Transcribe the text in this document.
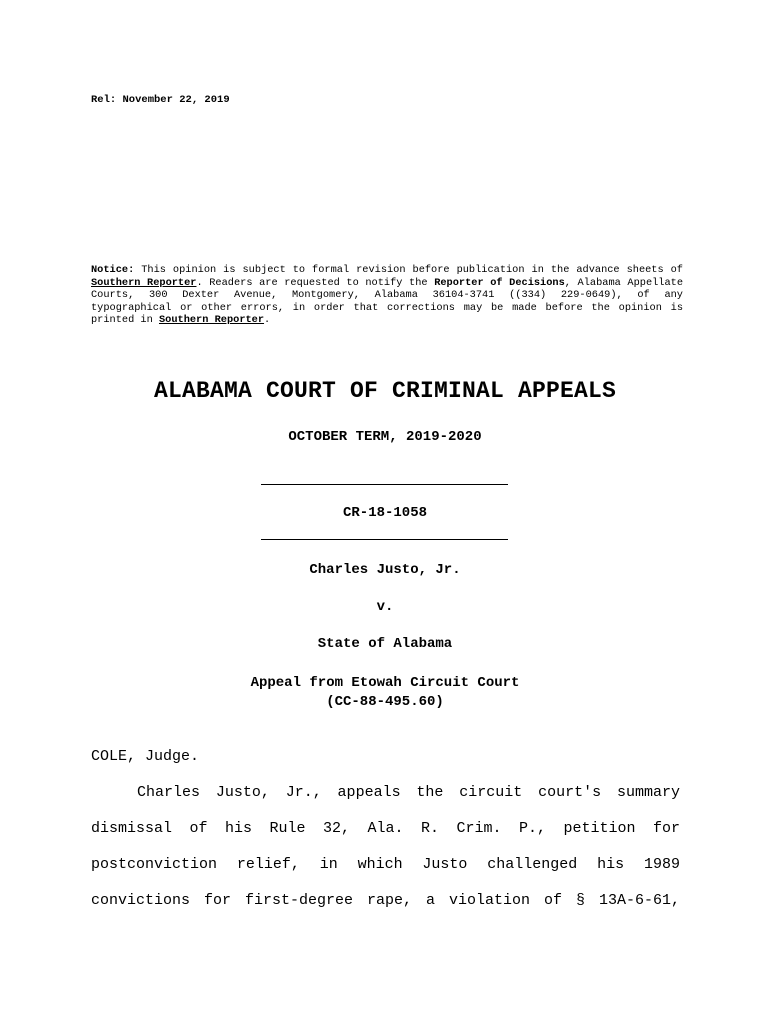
Rel: November 22, 2019
Notice: This opinion is subject to formal revision before publication in the advance sheets of Southern Reporter. Readers are requested to notify the Reporter of Decisions, Alabama Appellate Courts, 300 Dexter Avenue, Montgomery, Alabama 36104-3741 ((334) 229-0649), of any typographical or other errors, in order that corrections may be made before the opinion is printed in Southern Reporter.
ALABAMA COURT OF CRIMINAL APPEALS
OCTOBER TERM, 2019-2020
CR-18-1058
Charles Justo, Jr.
v.
State of Alabama
Appeal from Etowah Circuit Court
(CC-88-495.60)
COLE, Judge.
Charles Justo, Jr., appeals the circuit court's summary
dismissal of his Rule 32, Ala. R. Crim. P., petition for
postconviction relief, in which Justo challenged his 1989
convictions for first-degree rape, a violation of § 13A-6-61,
